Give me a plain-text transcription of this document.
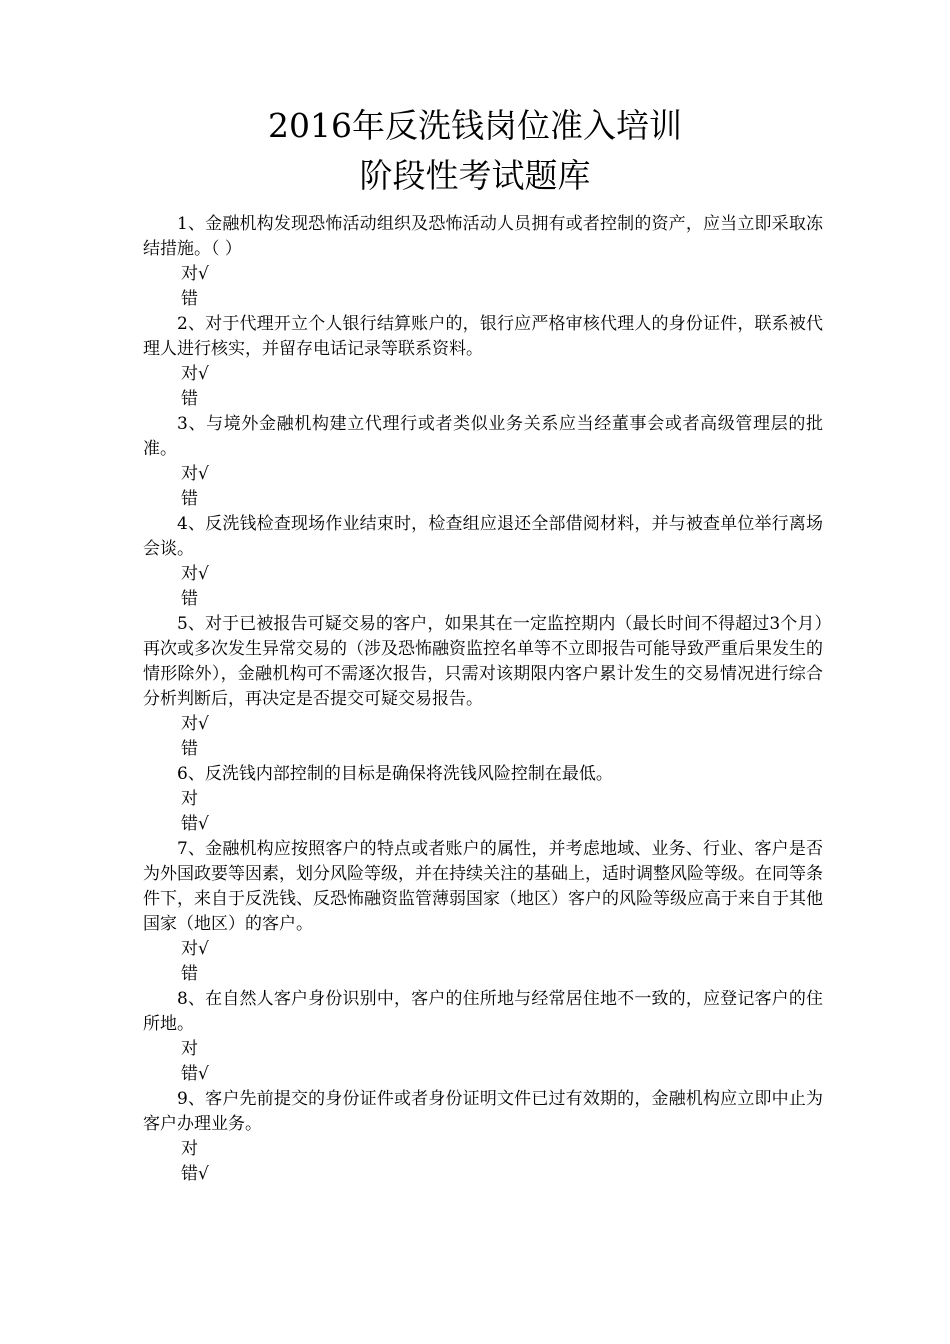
2016年反洗钱岗位准入培训
阶段性考试题库

1、金融机构发现恐怖活动组织及恐怖活动人员拥有或者控制的资产，应当立即采取冻结措施。（ ）

对√

错

2、对于代理开立个人银行结算账户的，银行应严格审核代理人的身份证件，联系被代理人进行核实，并留存电话记录等联系资料。

对√

错

3、与境外金融机构建立代理行或者类似业务关系应当经董事会或者高级管理层的批准。

对√

错

4、反洗钱检查现场作业结束时，检查组应退还全部借阅材料，并与被查单位举行离场会谈。

对√

错

5、对于已被报告可疑交易的客户，如果其在一定监控期内（最长时间不得超过3个月）再次或多次发生异常交易的（涉及恐怖融资监控名单等不立即报告可能导致严重后果发生的情形除外），金融机构可不需逐次报告，只需对该期限内客户累计发生的交易情况进行综合分析判断后，再决定是否提交可疑交易报告。

对√

错

6、反洗钱内部控制的目标是确保将洗钱风险控制在最低。

对

错√

7、金融机构应按照客户的特点或者账户的属性，并考虑地域、业务、行业、客户是否为外国政要等因素，划分风险等级，并在持续关注的基础上，适时调整风险等级。在同等条件下，来自于反洗钱、反恐怖融资监管薄弱国家（地区）客户的风险等级应高于来自于其他国家（地区）的客户。

对√

错

8、在自然人客户身份识别中，客户的住所地与经常居住地不一致的，应登记客户的住所地。

对

错√

9、客户先前提交的身份证件或者身份证明文件已过有效期的，金融机构应立即中止为客户办理业务。

对

错√
